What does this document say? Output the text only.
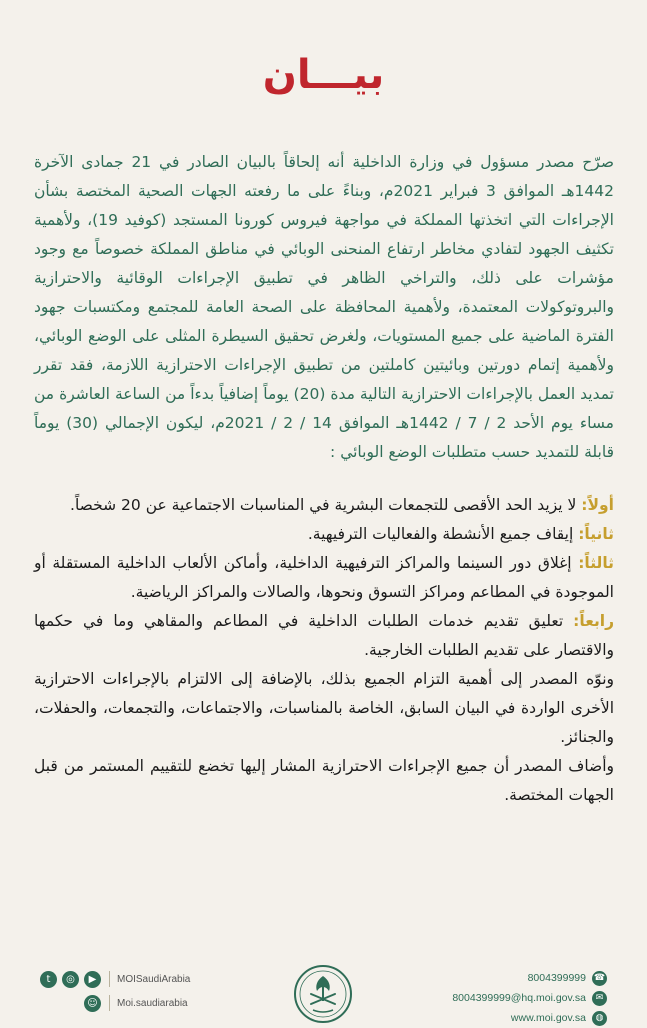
بيـــان

صرّح مصدر مسؤول في وزارة الداخلية أنه إلحاقاً بالبيان الصادر في 21 جمادى الآخرة 1442هـ الموافق 3 فبراير 2021م، وبناءً على ما رفعته الجهات الصحية المختصة بشأن الإجراءات التي اتخذتها المملكة في مواجهة فيروس كورونا المستجد (كوفيد 19)، ولأهمية تكثيف الجهود لتفادي مخاطر ارتفاع المنحنى الوبائي في مناطق المملكة خصوصاً مع وجود مؤشرات على ذلك، والتراخي الظاهر في تطبيق الإجراءات الوقائية والاحترازية والبروتوكولات المعتمدة، ولأهمية المحافظة على الصحة العامة للمجتمع ومكتسبات جهود الفترة الماضية على جميع المستويات، ولغرض تحقيق السيطرة المثلى على الوضع الوبائي، ولأهمية إتمام دورتين وبائيتين كاملتين من تطبيق الإجراءات الاحترازية اللازمة، فقد تقرر تمديد العمل بالإجراءات الاحترازية التالية مدة (20) يوماً إضافياً بدءاً من الساعة العاشرة من مساء يوم الأحد 2 / 7 / 1442هـ الموافق 14 / 2 / 2021م، ليكون الإجمالي (30) يوماً قابلة للتمديد حسب متطلبات الوضع الوبائي :

أولاً: لا يزيد الحد الأقصى للتجمعات البشرية في المناسبات الاجتماعية عن 20 شخصاً.

ثانياً: إيقاف جميع الأنشطة والفعاليات الترفيهية.

ثالثاً: إغلاق دور السينما والمراكز الترفيهية الداخلية، وأماكن الألعاب الداخلية المستقلة أو الموجودة في المطاعم ومراكز التسوق ونحوها، والصالات والمراكز الرياضية.

رابعاً: تعليق تقديم خدمات الطلبات الداخلية في المطاعم والمقاهي وما في حكمها والاقتصار على تقديم الطلبات الخارجية.

ونوّه المصدر إلى أهمية التزام الجميع بذلك، بالإضافة إلى الالتزام بالإجراءات الاحترازية الأخرى الواردة في البيان السابق، الخاصة بالمناسبات، والاجتماعات، والتجمعات، والحفلات، والجنائز.

وأضاف المصدر أن جميع الإجراءات الاحترازية المشار إليها تخضع للتقييم المستمر من قبل الجهات المختصة.

t	◎	▶	MOISaudiArabia
☺	Moi.saudiarabia
8004399999 ☎
8004399999@hq.moi.gov.sa	✉
www.moi.gov.sa	◍
